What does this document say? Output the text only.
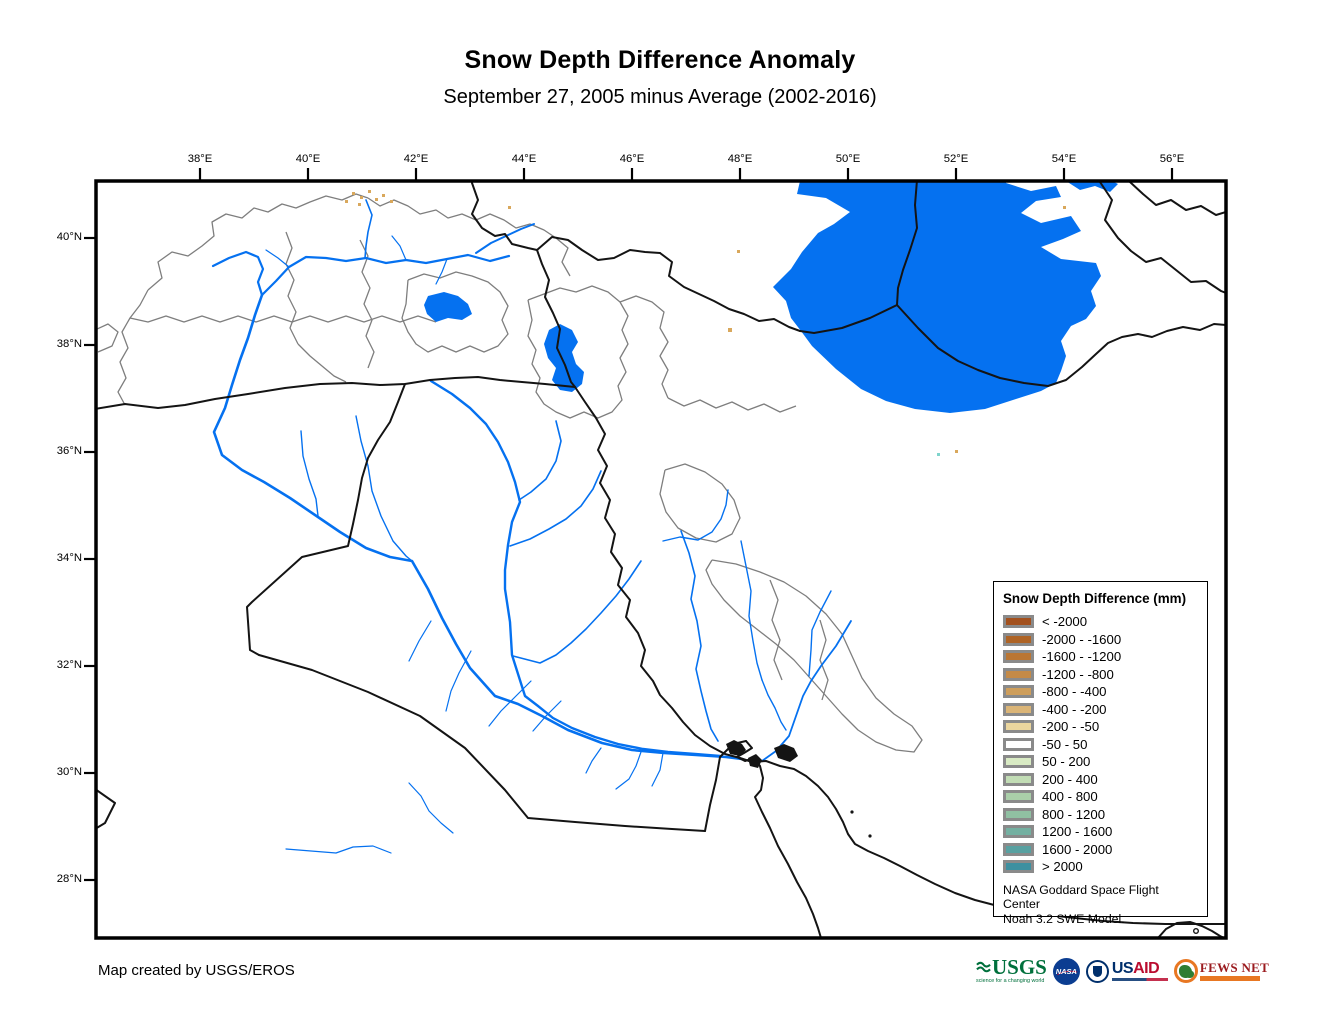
Snow Depth Difference Anomaly
September 27, 2005 minus Average (2002-2016)
38°E	40°E	42°E	44°E	46°E	48°E	50°E	52°E	54°E	56°E
40°N
38°N
36°N
34°N
32°N
30°N
28°N
Snow Depth Difference (mm)
< -2000
-2000 - -1600
-1600 - -1200
-1200 - -800
-800 - -400
-400 - -200
-200 - -50
-50 - 50
50 - 200
200 - 400
400 - 800
800 - 1200
1200 - 1600
1600 - 2000
> 2000
NASA Goddard Space Flight Center
Noah 3.2 SWE Model.
Map created by USGS/EROS	USGS
science for a changing world
NASA USAID	FEWS NET
